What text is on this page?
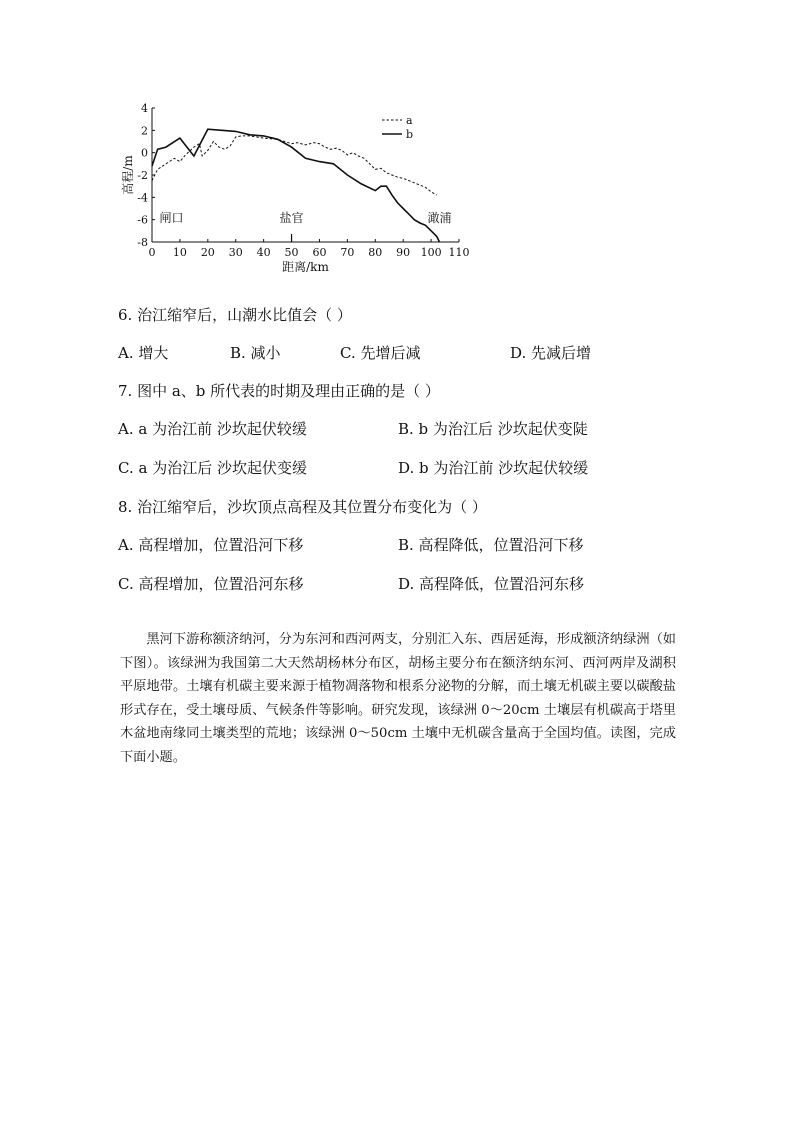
0 10 20 30 40 50 60 70 80 90 100 110
4
2
0
-2
-4
-6
-8
距离/km
高程/m
a
b
闸口	盐官	澉浦
6. 治江缩窄后，山潮水比值会（ ）
A. 增大	B. 减小	C. 先增后减	D. 先减后增
7. 图中 a、b 所代表的时期及理由正确的是（ ）
A. a 为治江前 沙坎起伏较缓	B. b 为治江后 沙坎起伏变陡
C. a 为治江后 沙坎起伏变缓	D. b 为治江前 沙坎起伏较缓
8. 治江缩窄后，沙坎顶点高程及其位置分布变化为（ ）
A. 高程增加，位置沿河下移	B. 高程降低，位置沿河下移
C. 高程增加，位置沿河东移	D. 高程降低，位置沿河东移

黑河下游称额济纳河，分为东河和西河两支，分别汇入东、西居延海，形成额济纳绿洲（如下图）。该绿洲为我国第二大天然胡杨林分布区，胡杨主要分布在额济纳东河、西河两岸及湖积平原地带。土壤有机碳主要来源于植物凋落物和根系分泌物的分解，而土壤无机碳主要以碳酸盐形式存在，受土壤母质、气候条件等影响。研究发现，该绿洲 0～20cm 土壤层有机碳高于塔里木盆地南缘同土壤类型的荒地；该绿洲 0～50cm 土壤中无机碳含量高于全国均值。读图，完成下面小题。
